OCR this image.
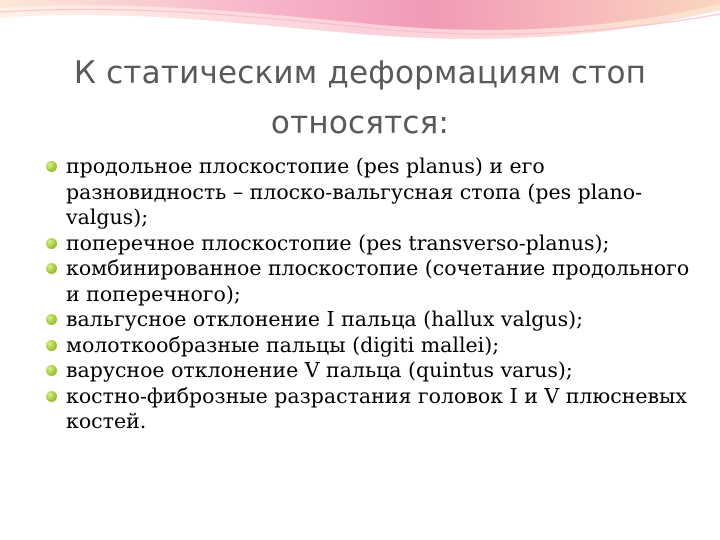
К статическим деформациям стоп
относятся:
продольное плоскостопие (pes planus) и его разновидность – плоско-вальгусная стопа (pes plano-valgus);
поперечное плоскостопие (pes transverso-planus);
комбинированное плоскостопие (сочетание продольного и поперечного);
вальгусное отклонение I пальца (hallux valgus);
молоткообразные пальцы (digiti mallei);
варусное отклонение V пальца (quintus varus);
костно-фиброзные разрастания головок I и V плюсневых костей.
